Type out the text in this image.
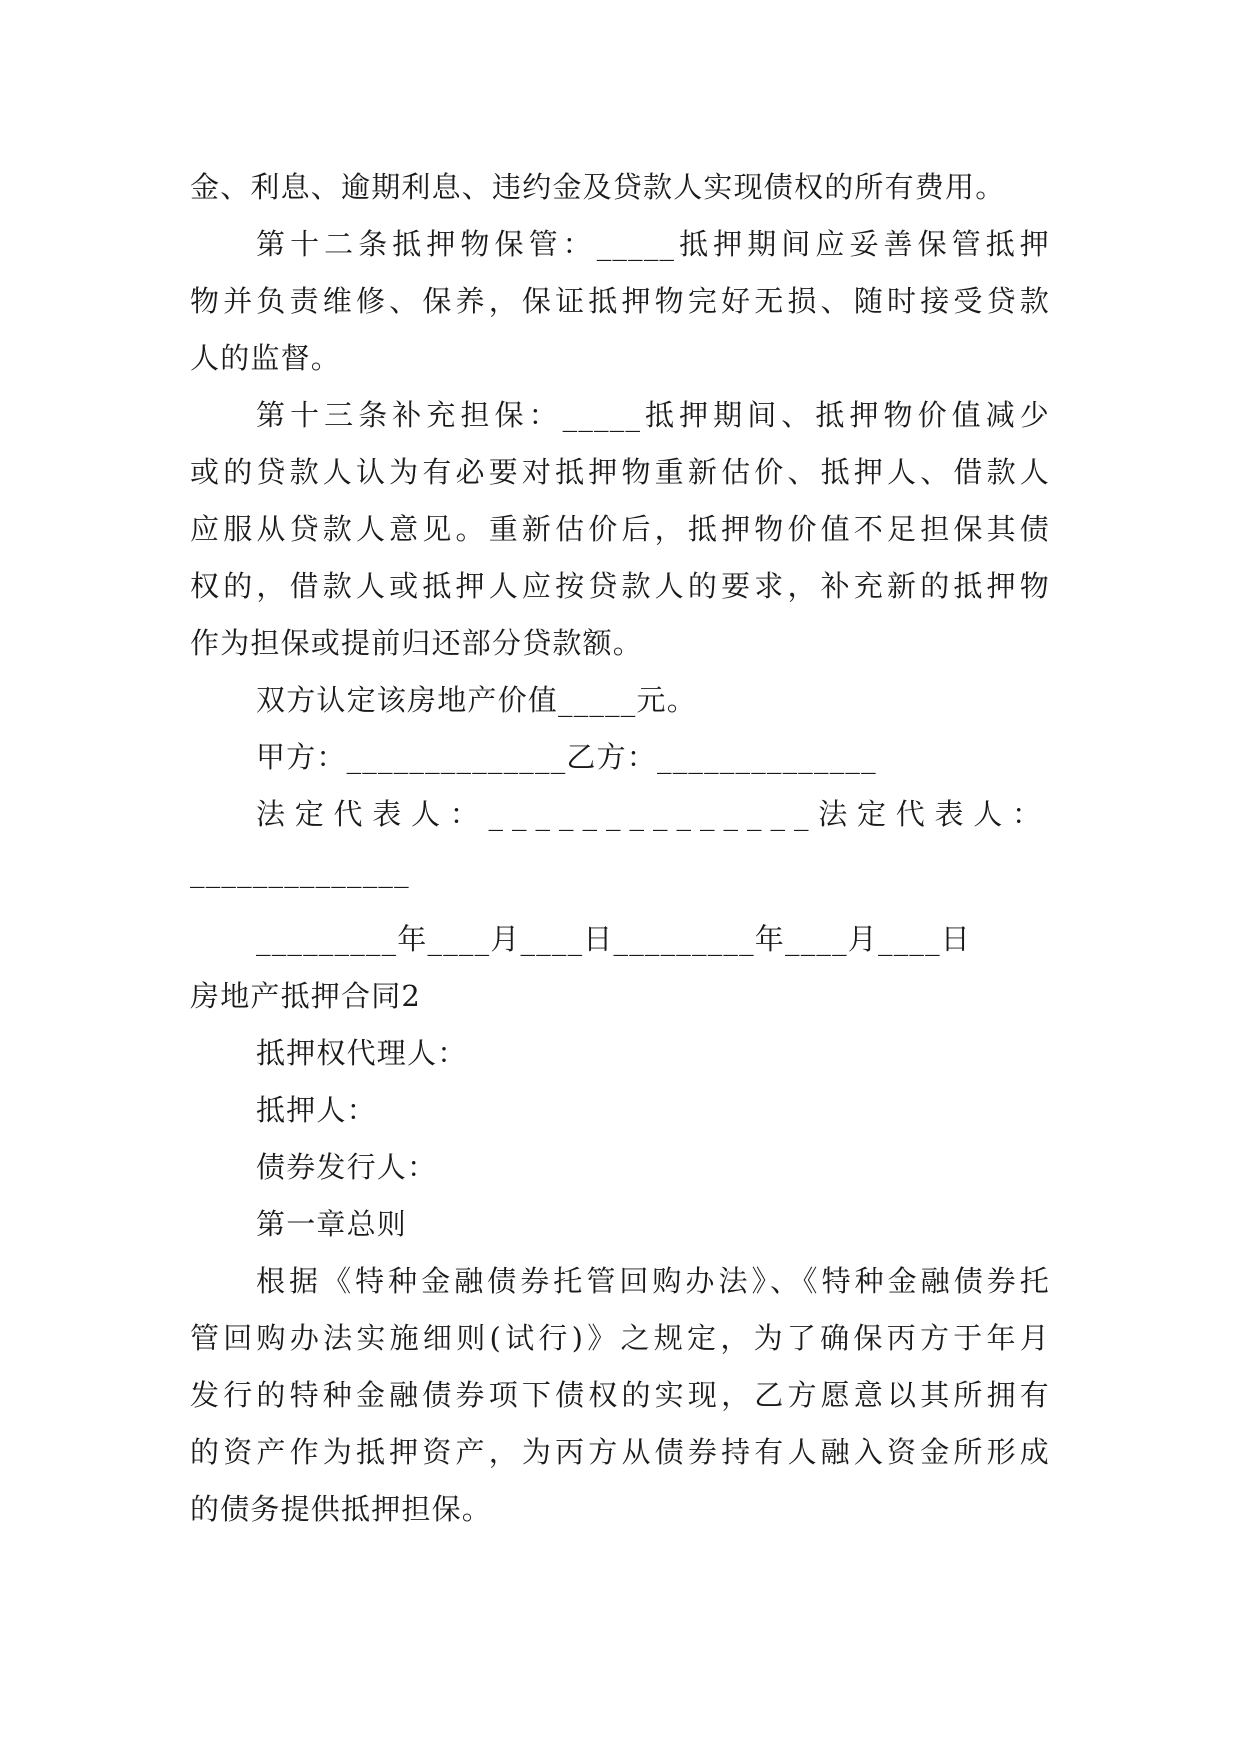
金、利息、逾期利息、违约金及贷款人实现债权的所有费用。
第十二条抵押物保管：_____抵押期间应妥善保管抵押
物并负责维修、保养，保证抵押物完好无损、随时接受贷款
人的监督。
第十三条补充担保：_____抵押期间、抵押物价值减少
或的贷款人认为有必要对抵押物重新估价、抵押人、借款人
应服从贷款人意见。重新估价后，抵押物价值不足担保其债
权的，借款人或抵押人应按贷款人的要求，补充新的抵押物
作为担保或提前归还部分贷款额。
双方认定该房地产价值_____元。
甲方：______________乙方：______________
法定代表人：______________法定代表人：
______________
_________年____月____日_________年____月____日
房地产抵押合同2
抵押权代理人：
抵押人：
债券发行人：
第一章总则
根据《特种金融债券托管回购办法》、《特种金融债券托
管回购办法实施细则(试行)》之规定，为了确保丙方于年月
发行的特种金融债券项下债权的实现，乙方愿意以其所拥有
的资产作为抵押资产，为丙方从债券持有人融入资金所形成
的债务提供抵押担保。
